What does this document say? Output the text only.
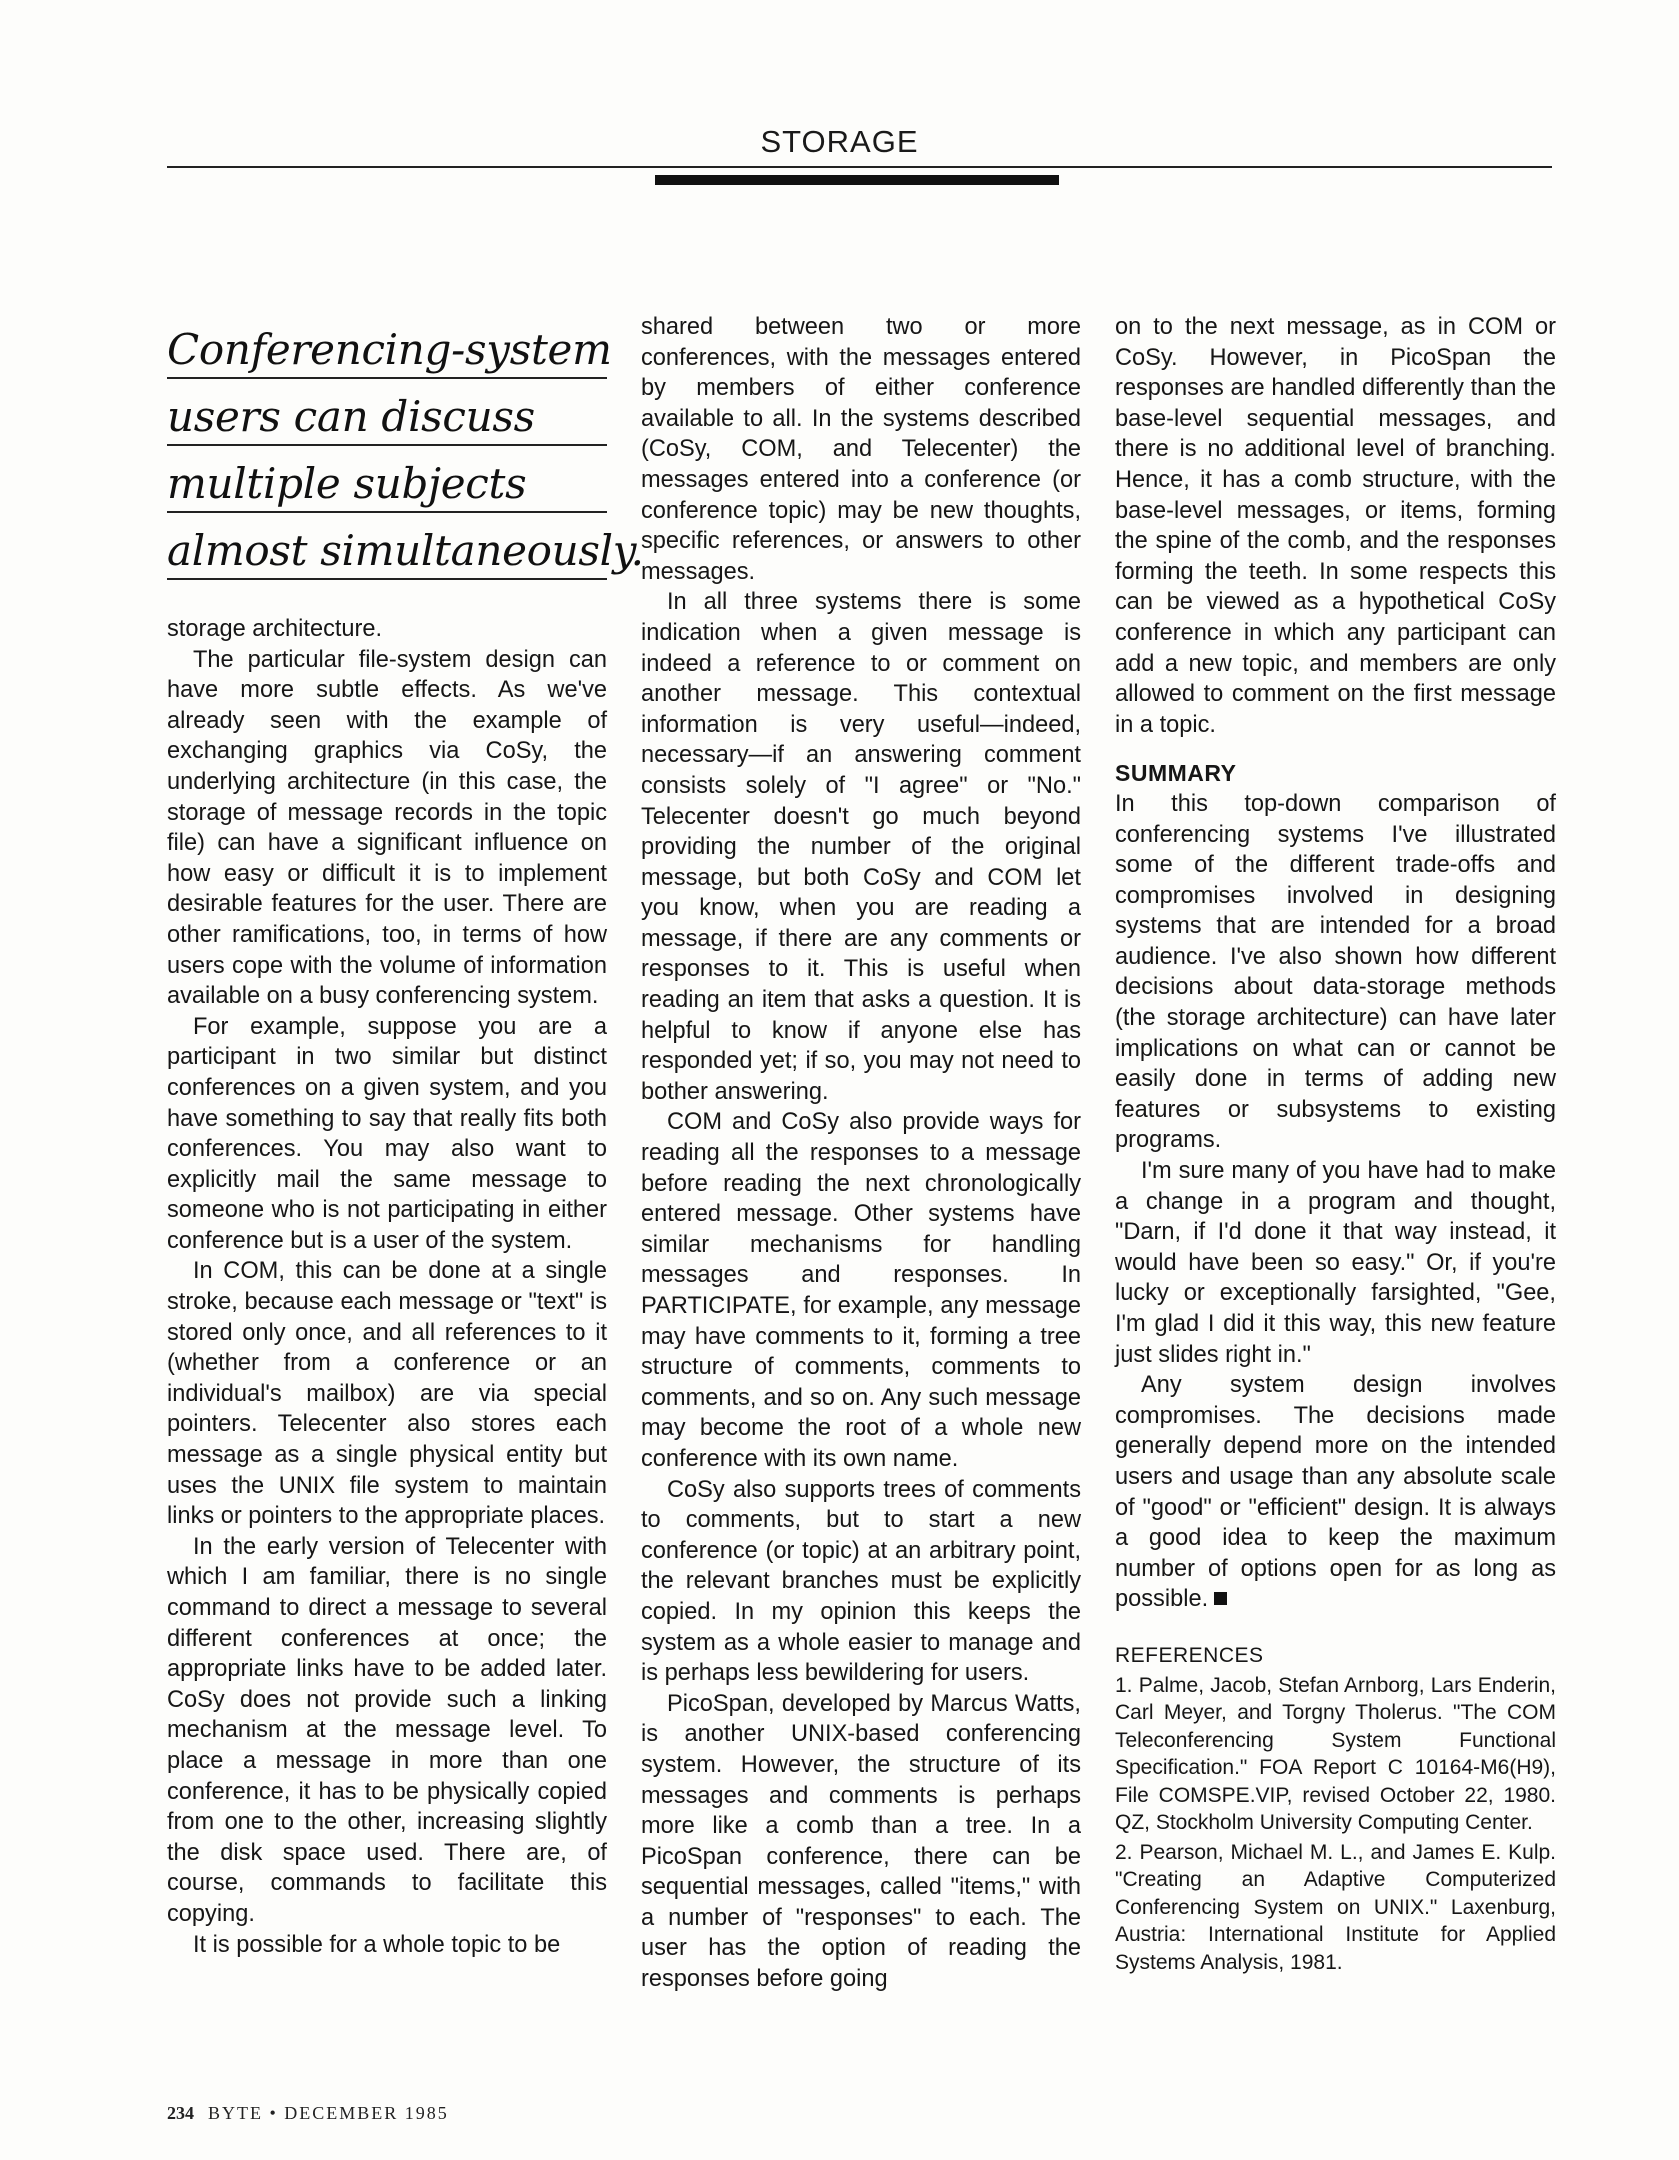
STORAGE
Conferencing-system
users can discuss
multiple subjects
almost simultaneously.

storage architecture.

The particular file-system design can have more subtle effects. As we've already seen with the example of exchanging graphics via CoSy, the underlying architecture (in this case, the storage of message records in the topic file) can have a significant influence on how easy or difficult it is to implement desirable features for the user. There are other ramifications, too, in terms of how users cope with the volume of information available on a busy conferencing system.

For example, suppose you are a participant in two similar but distinct conferences on a given system, and you have something to say that really fits both conferences. You may also want to explicitly mail the same message to someone who is not participating in either conference but is a user of the system.

In COM, this can be done at a single stroke, because each message or "text" is stored only once, and all references to it (whether from a conference or an individual's mailbox) are via special pointers. Telecenter also stores each message as a single physical entity but uses the UNIX file system to maintain links or pointers to the appropriate places.

In the early version of Telecenter with which I am familiar, there is no single command to direct a message to several different conferences at once; the appropriate links have to be added later. CoSy does not provide such a linking mechanism at the message level. To place a message in more than one conference, it has to be physically copied from one to the other, increasing slightly the disk space used. There are, of course, commands to facilitate this copying.

It is possible for a whole topic to be

shared between two or more conferences, with the messages entered by members of either conference available to all. In the systems described (CoSy, COM, and Telecenter) the messages entered into a conference (or conference topic) may be new thoughts, specific references, or answers to other messages.

In all three systems there is some indication when a given message is indeed a reference to or comment on another message. This contextual information is very useful—indeed, necessary—if an answering comment consists solely of "I agree" or "No." Telecenter doesn't go much beyond providing the number of the original message, but both CoSy and COM let you know, when you are reading a message, if there are any comments or responses to it. This is useful when reading an item that asks a question. It is helpful to know if anyone else has responded yet; if so, you may not need to bother answering.

COM and CoSy also provide ways for reading all the responses to a message before reading the next chronologically entered message. Other systems have similar mechanisms for handling messages and responses. In PARTICIPATE, for example, any message may have comments to it, forming a tree structure of comments, comments to comments, and so on. Any such message may become the root of a whole new conference with its own name.

CoSy also supports trees of comments to comments, but to start a new conference (or topic) at an arbitrary point, the relevant branches must be explicitly copied. In my opinion this keeps the system as a whole easier to manage and is perhaps less bewildering for users.

PicoSpan, developed by Marcus Watts, is another UNIX-based conferencing system. However, the structure of its messages and comments is perhaps more like a comb than a tree. In a PicoSpan conference, there can be sequential messages, called "items," with a number of "responses" to each. The user has the option of reading the responses before going

on to the next message, as in COM or CoSy. However, in PicoSpan the responses are handled differently than the base-level sequential messages, and there is no additional level of branching. Hence, it has a comb structure, with the base-level messages, or items, forming the spine of the comb, and the responses forming the teeth. In some respects this can be viewed as a hypothetical CoSy conference in which any participant can add a new topic, and members are only allowed to comment on the first message in a topic.

SUMMARY

In this top-down comparison of conferencing systems I've illustrated some of the different trade-offs and compromises involved in designing systems that are intended for a broad audience. I've also shown how different decisions about data-storage methods (the storage architecture) can have later implications on what can or cannot be easily done in terms of adding new features or subsystems to existing programs.

I'm sure many of you have had to make a change in a program and thought, "Darn, if I'd done it that way instead, it would have been so easy." Or, if you're lucky or exceptionally farsighted, "Gee, I'm glad I did it this way, this new feature just slides right in."

Any system design involves compromises. The decisions made generally depend more on the intended users and usage than any absolute scale of "good" or "efficient" design. It is always a good idea to keep the maximum number of options open for as long as possible.

REFERENCES

1. Palme, Jacob, Stefan Arnborg, Lars Enderin, Carl Meyer, and Torgny Tholerus. "The COM Teleconferencing System Functional Specification." FOA Report C 10164-M6(H9), File COMSPE.VIP, revised October 22, 1980. QZ, Stockholm University Computing Center.

2. Pearson, Michael M. L., and James E. Kulp. "Creating an Adaptive Computerized Conferencing System on UNIX." Laxenburg, Austria: International Institute for Applied Systems Analysis, 1981.

234 BYTE • DECEMBER 1985
